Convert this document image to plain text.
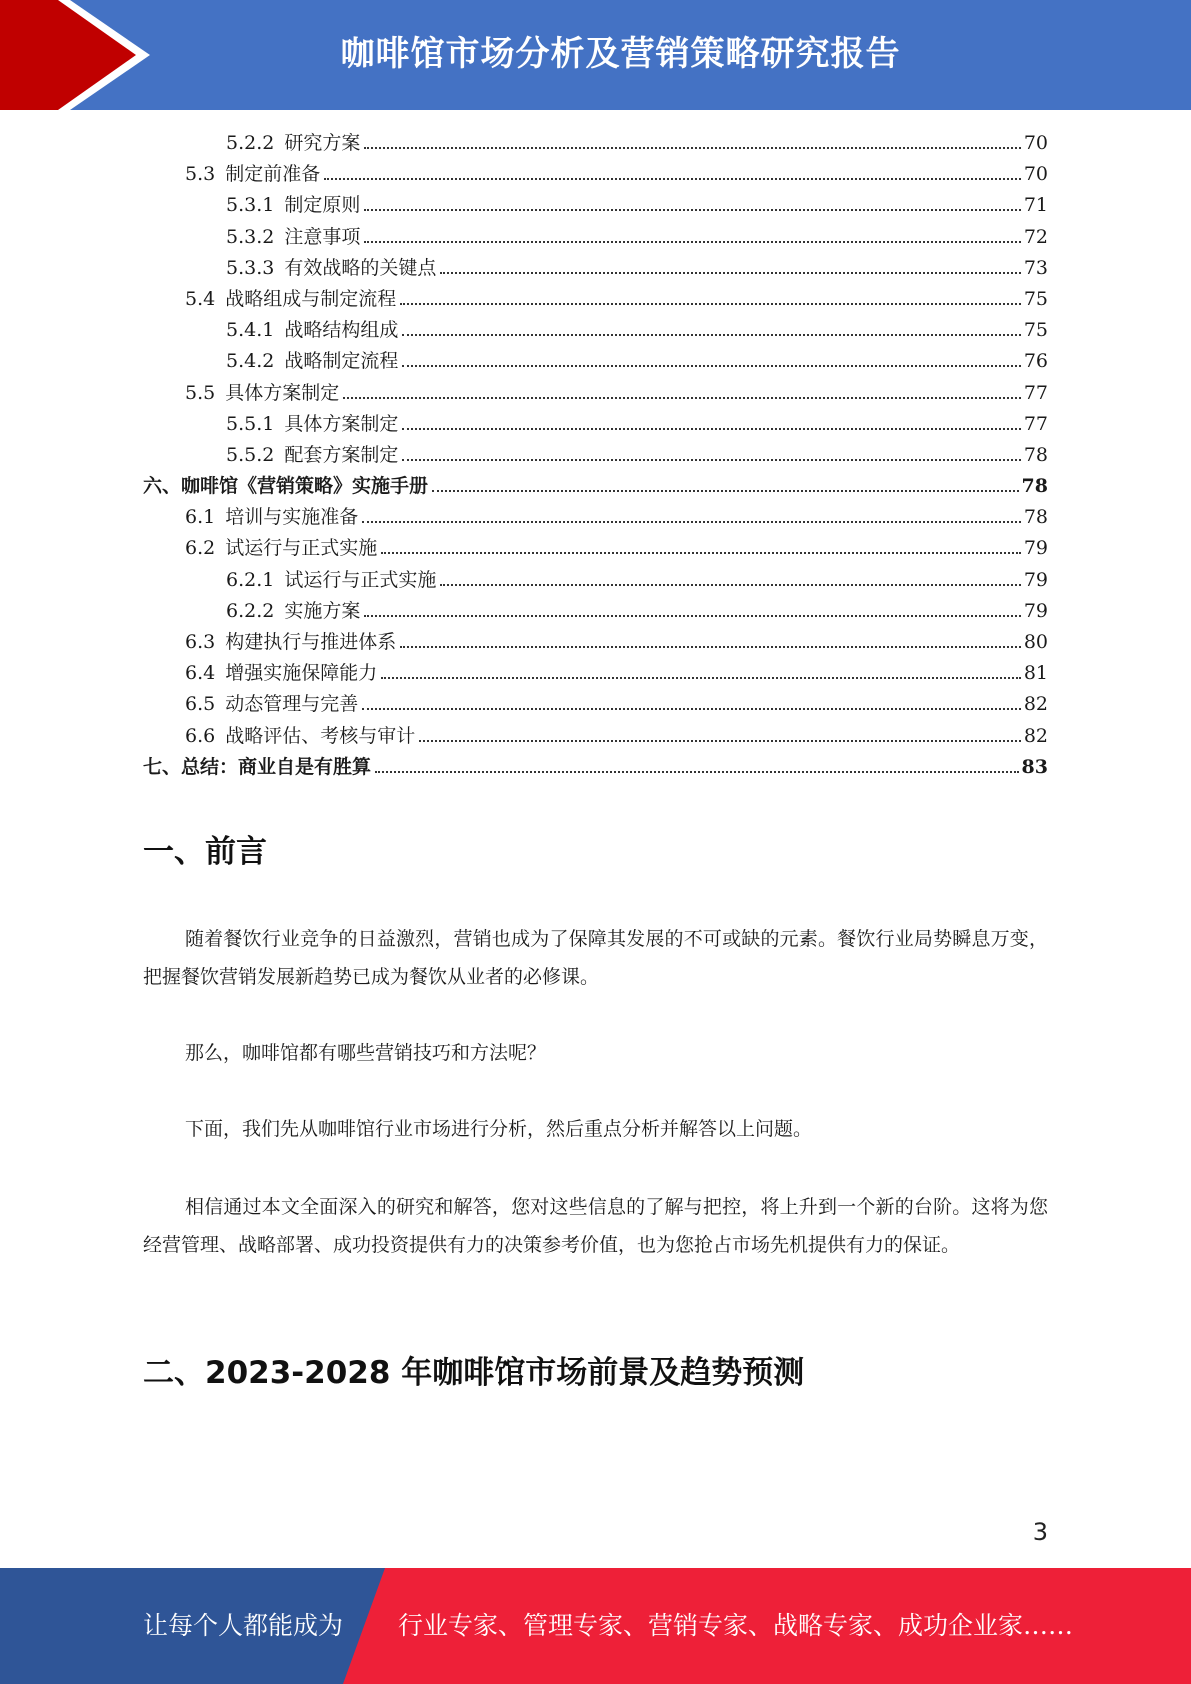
咖啡馆市场分析及营销策略研究报告
5.2.2 研究方案	70
5.3 制定前准备	70
5.3.1 制定原则	71
5.3.2 注意事项	72
5.3.3 有效战略的关键点	73
5.4 战略组成与制定流程	75
5.4.1 战略结构组成	75
5.4.2 战略制定流程	76
5.5 具体方案制定	77
5.5.1 具体方案制定	77
5.5.2 配套方案制定	78
六、 咖啡馆《营销策略》实施手册	78
6.1 培训与实施准备	78
6.2 试运行与正式实施	79
6.2.1 试运行与正式实施	79
6.2.2 实施方案	79
6.3 构建执行与推进体系	80
6.4 增强实施保障能力	81
6.5 动态管理与完善	82
6.6 战略评估、考核与审计	82
七、 总结：商业自是有胜算	83
一、前言
随着餐饮行业竞争的日益激烈，营销也成为了保障其发展的不可或缺的元素。餐饮行业局势瞬息万变，把握餐饮营销发展新趋势已成为餐饮从业者的必修课。
那么，咖啡馆都有哪些营销技巧和方法呢？
下面，我们先从咖啡馆行业市场进行分析，然后重点分析并解答以上问题。
相信通过本文全面深入的研究和解答，您对这些信息的了解与把控，将上升到一个新的台阶。这将为您经营管理、战略部署、成功投资提供有力的决策参考价值，也为您抢占市场先机提供有力的保证。
二、2023-2028 年咖啡馆市场前景及趋势预测
3
让每个人都能成为 行业专家、管理专家、营销专家、战略专家、成功企业家……
